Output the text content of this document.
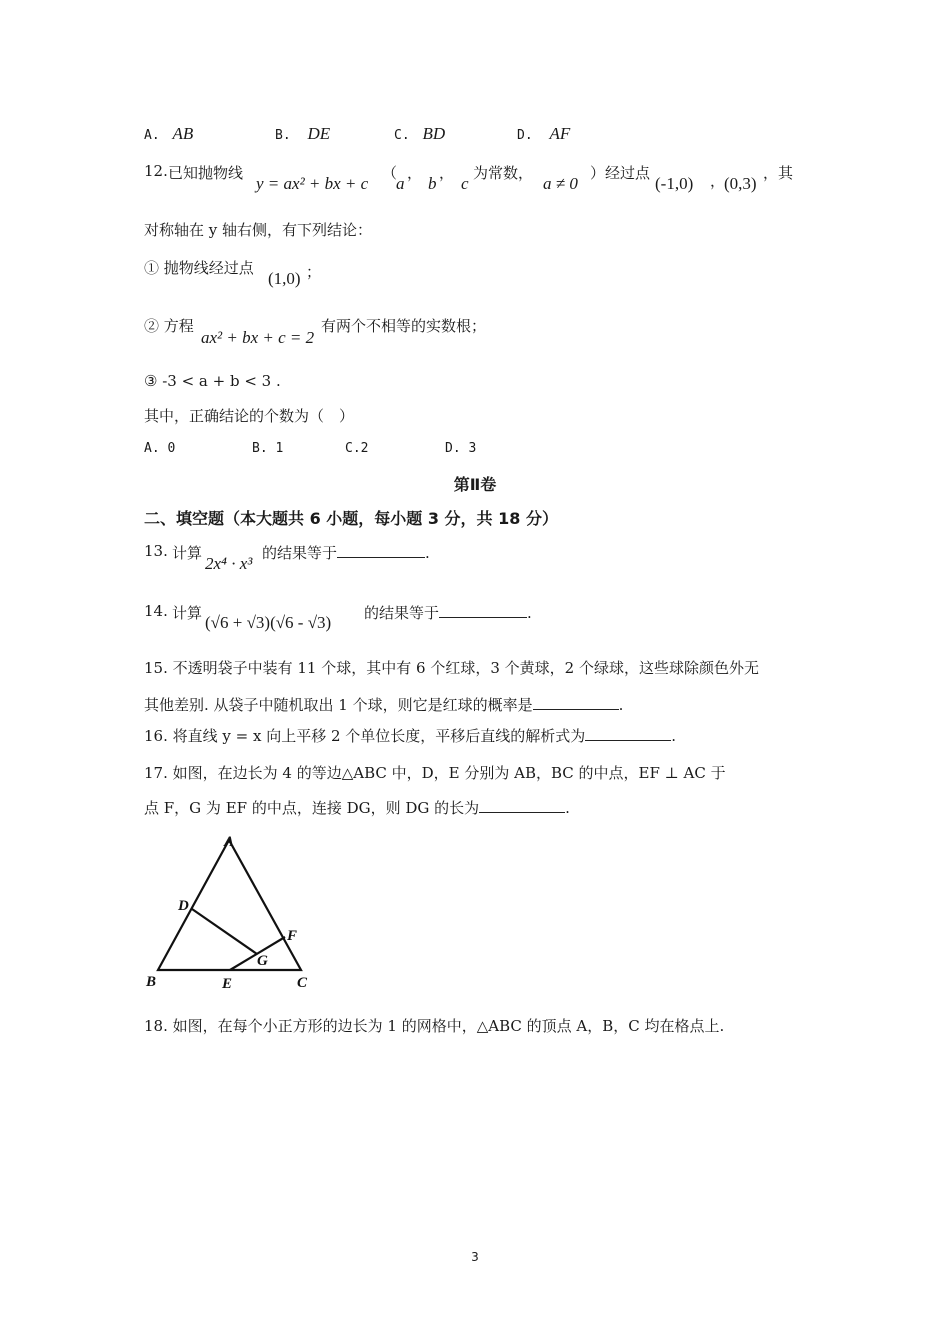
A. AB	B. DE	C. BD	D. AF
12. 已知抛物线
y = ax² + bx + c
（
a
，
b
，
c
为常数，
a ≠ 0
）经过点
(-1,0) ，
(0,3)
，其
对称轴在 y 轴右侧，有下列结论：
① 抛物线经过点
(1,0) ；
② 方程
ax² + bx + c = 2
有两个不相等的实数根；
③ -3 < a + b < 3 .
其中，正确结论的个数为（　）
A. 0	B. 1	C.2	D. 3
第Ⅱ卷
二、填空题（本大题共 6 小题，每小题 3 分，共 18 分）
13. 计算
2x⁴ · x³
的结果等于	.
14. 计算 (√6 + √3)(√6 - √3) 的结果等于	.
15. 不透明袋子中装有 11 个球，其中有 6 个红球，3 个黄球，2 个绿球，这些球除颜色外无
其他差别. 从袋子中随机取出 1 个球，则它是红球的概率是	.
16. 将直线 y = x 向上平移 2 个单位长度，平移后直线的解析式为	.
17. 如图，在边长为 4 的等边△ABC 中，D，E 分别为 AB，BC 的中点，EF ⊥ AC 于
点 F，G 为 EF 的中点，连接 DG，则 DG 的长为	.
A
D
F
G
B	E	C
18. 如图，在每个小正方形的边长为 1 的网格中，△ABC 的顶点 A，B，C 均在格点上.
3
